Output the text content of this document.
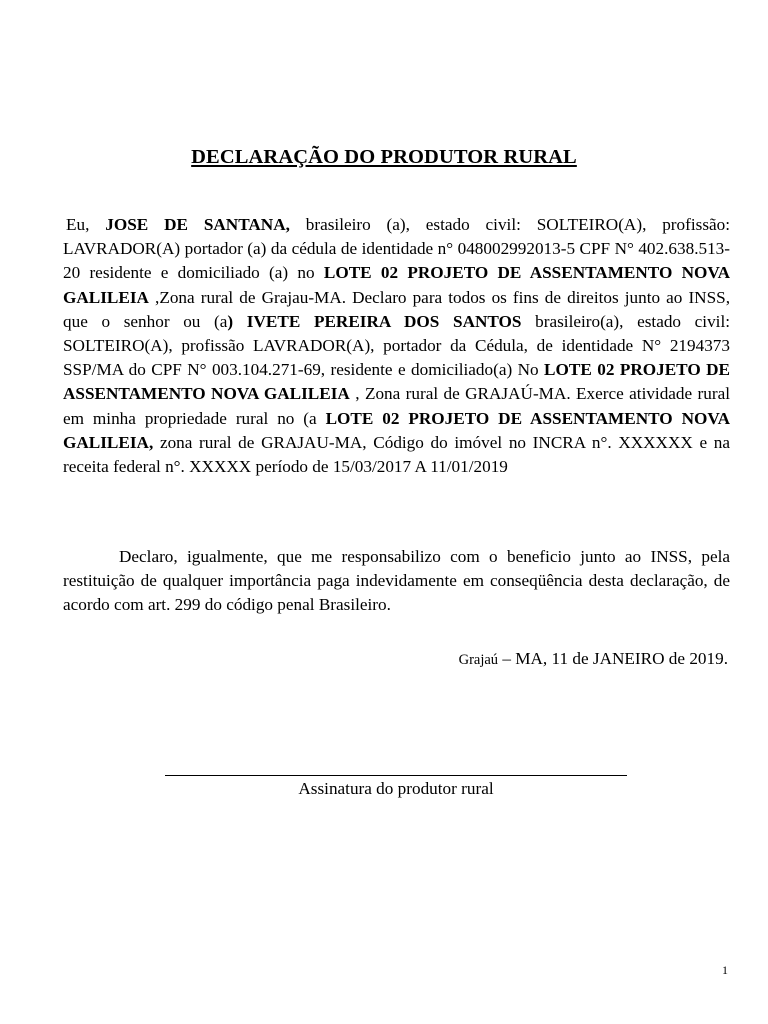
DECLARAÇÃO DO PRODUTOR RURAL

Eu, JOSE DE SANTANA, brasileiro (a), estado civil: SOLTEIRO(A), profissão: LAVRADOR(A) portador (a) da cédula de identidade n° 048002992013-5 CPF N° 402.638.513-20 residente e domiciliado (a) no LOTE 02 PROJETO DE ASSENTAMENTO NOVA GALILEIA ,Zona rural de Grajau-MA. Declaro para todos os fins de direitos junto ao INSS, que o senhor ou (a) IVETE PEREIRA DOS SANTOS brasileiro(a), estado civil: SOLTEIRO(A), profissão LAVRADOR(A), portador da Cédula, de identidade N° 2194373 SSP/MA do CPF N° 003.104.271-69, residente e domiciliado(a) No LOTE 02 PROJETO DE ASSENTAMENTO NOVA GALILEIA , Zona rural de GRAJAÚ-MA. Exerce atividade rural em minha propriedade rural no (a LOTE 02 PROJETO DE ASSENTAMENTO NOVA GALILEIA, zona rural de GRAJAU-MA, Código do imóvel no INCRA n°. XXXXXX e na receita federal n°. XXXXX período de 15/03/2017 A 11/01/2019

Declaro, igualmente, que me responsabilizo com o beneficio junto ao INSS, pela restituição de qualquer importância paga indevidamente em conseqüência desta declaração, de acordo com art. 299 do código penal Brasileiro.

Grajaú – MA, 11 de JANEIRO de 2019.
Assinatura do produtor rural
1
